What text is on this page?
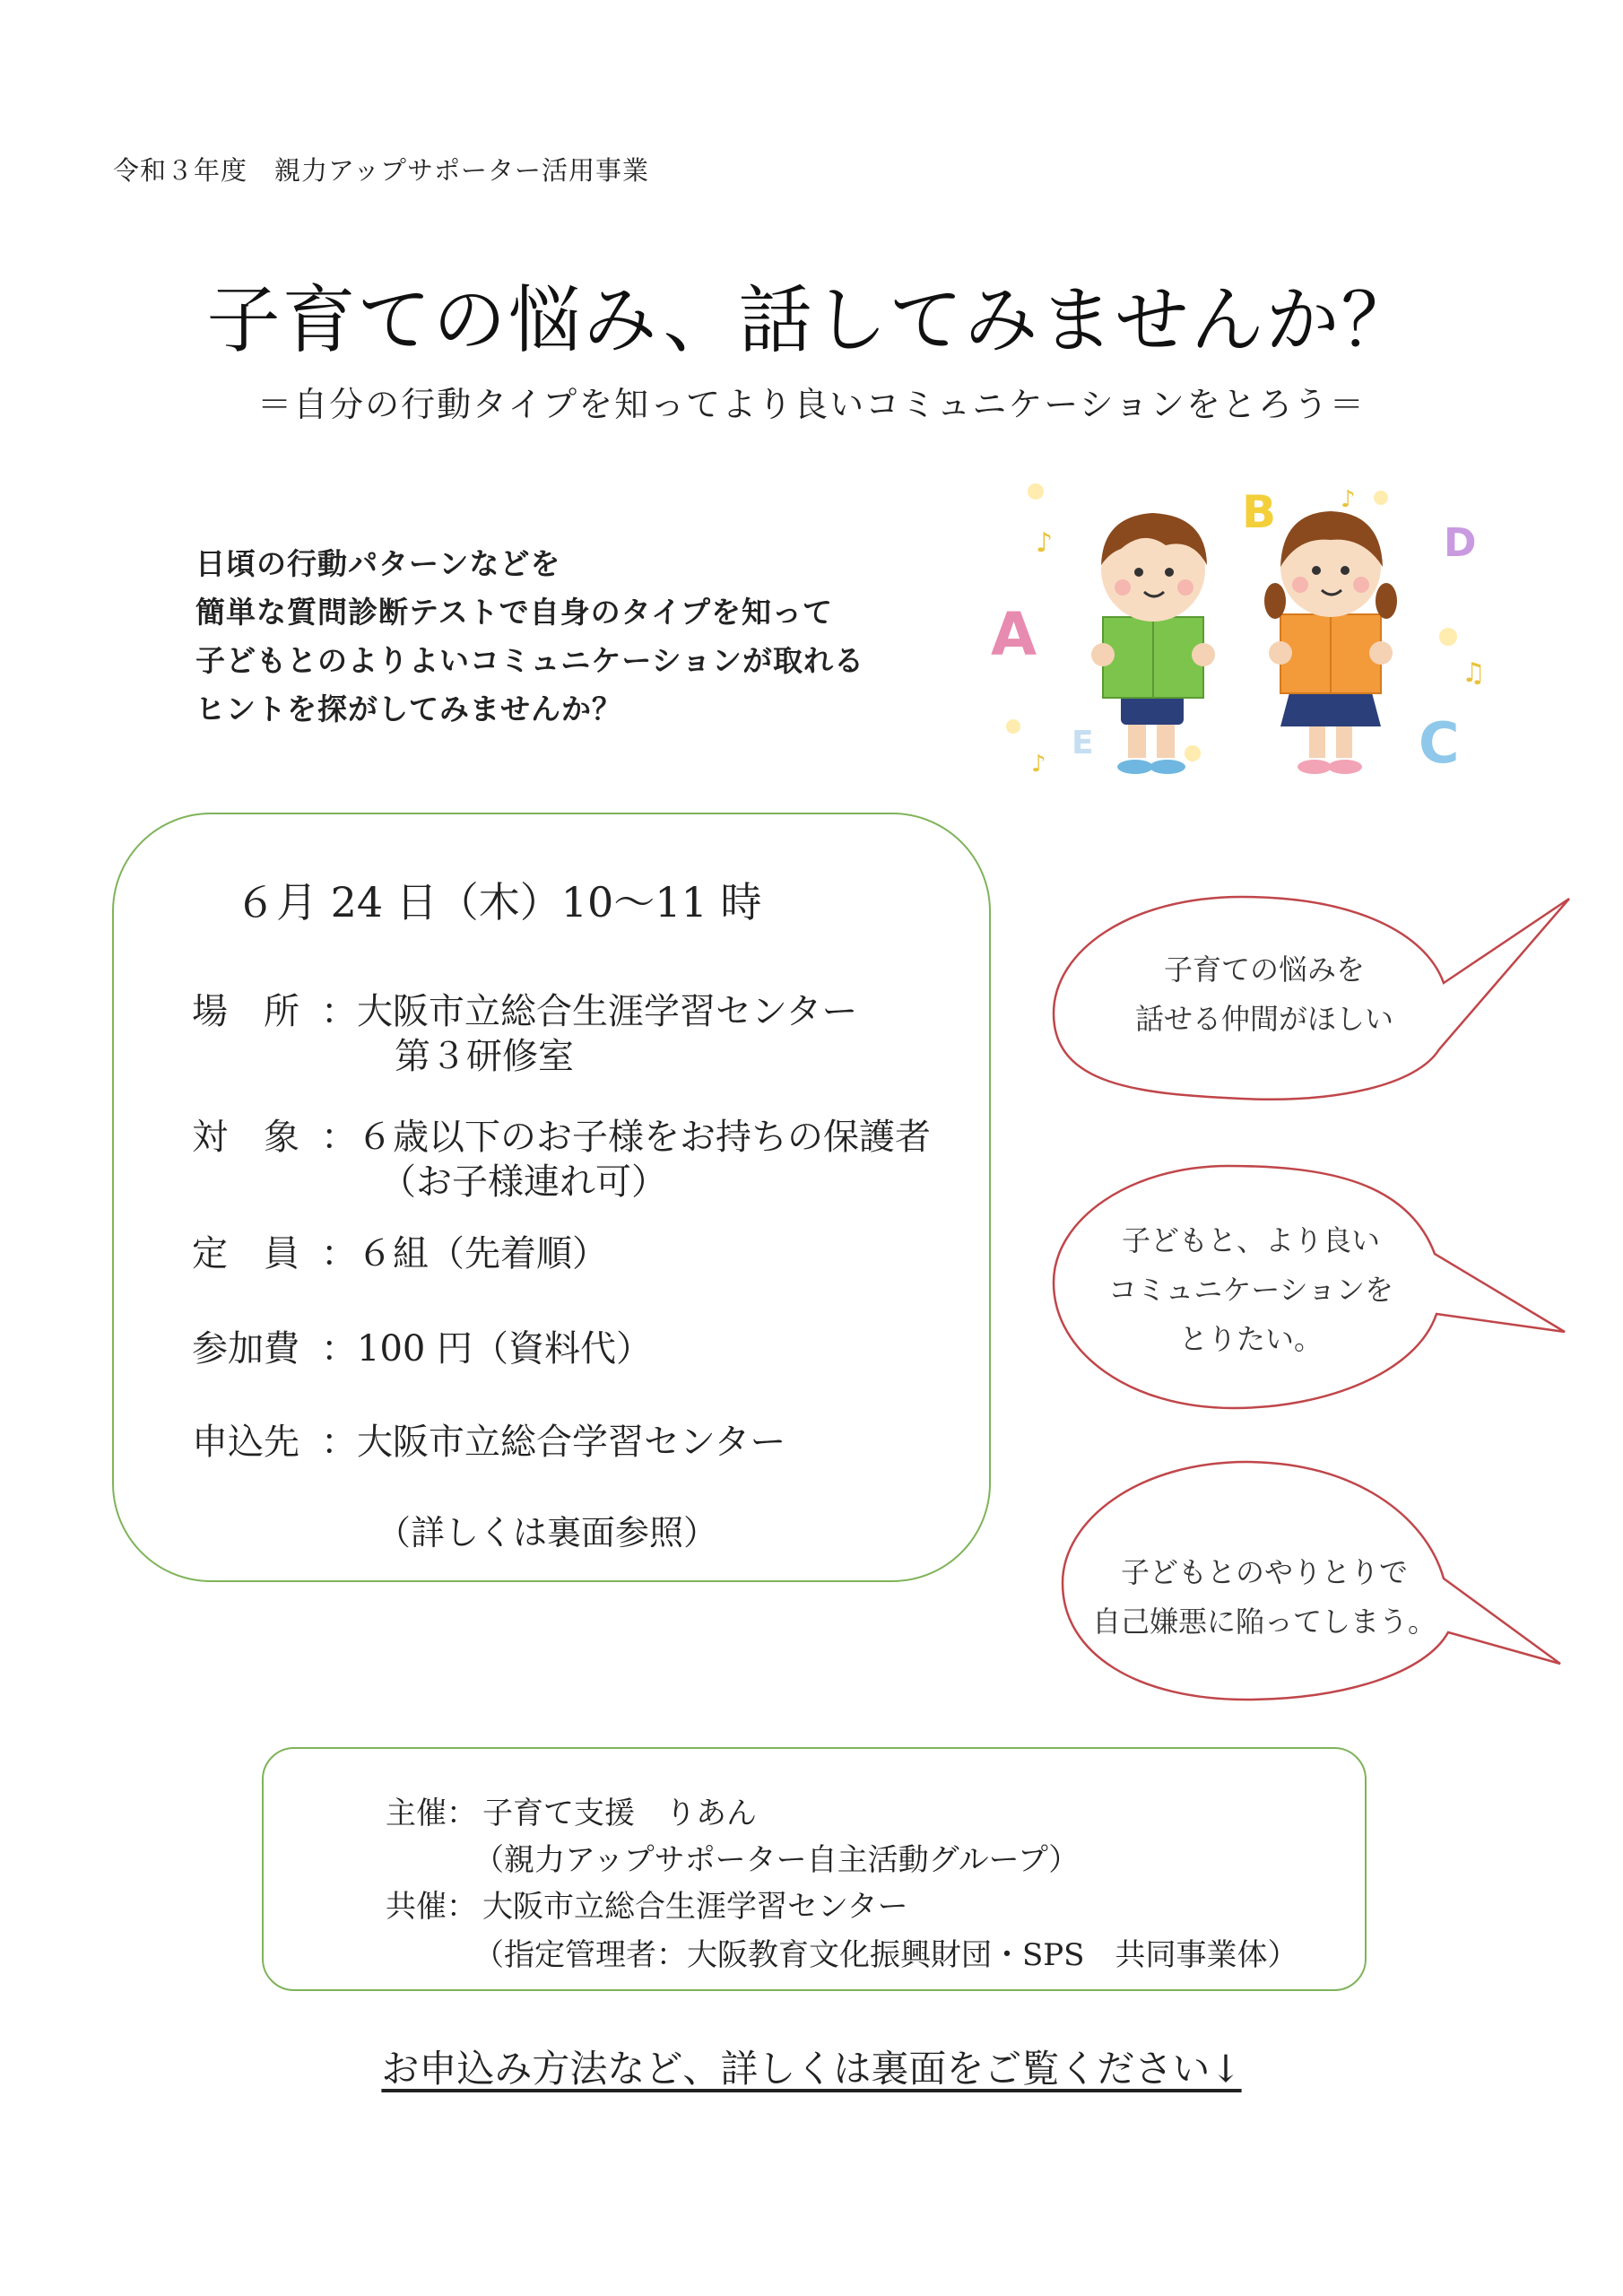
令和３年度　親力アップサポーター活用事業
子育ての悩み、話してみませんか？
＝自分の行動タイプを知ってより良いコミュニケーションをとろう＝
日頃の行動パターンなどを
簡単な質問診断テストで自身のタイプを知って
子どもとのよりよいコミュニケーションが取れる
ヒントを探がしてみませんか？
♪
♪
♫
♪
A
B
C
D
E
６月 24 日（木）10～11 時
場　所 ：大阪市立総合生涯学習センター
第３研修室
対　象 ：６歳以下のお子様をお持ちの保護者
（お子様連れ可）
定　員 ：６組（先着順）
参加費 ：100 円（資料代）
申込先 ：大阪市立総合学習センター
（詳しくは裏面参照）
子育ての悩みを
話せる仲間がほしい
子どもと、より良い
コミュニケーションを
とりたい。
子どもとのやりとりで
自己嫌悪に陥ってしまう。
主催： 子育て支援　りあん
（親力アップサポーター自主活動グループ）
共催： 大阪市立総合生涯学習センター
（指定管理者：大阪教育文化振興財団・SPS　共同事業体）
お申込み方法など、詳しくは裏面をご覧ください↓
